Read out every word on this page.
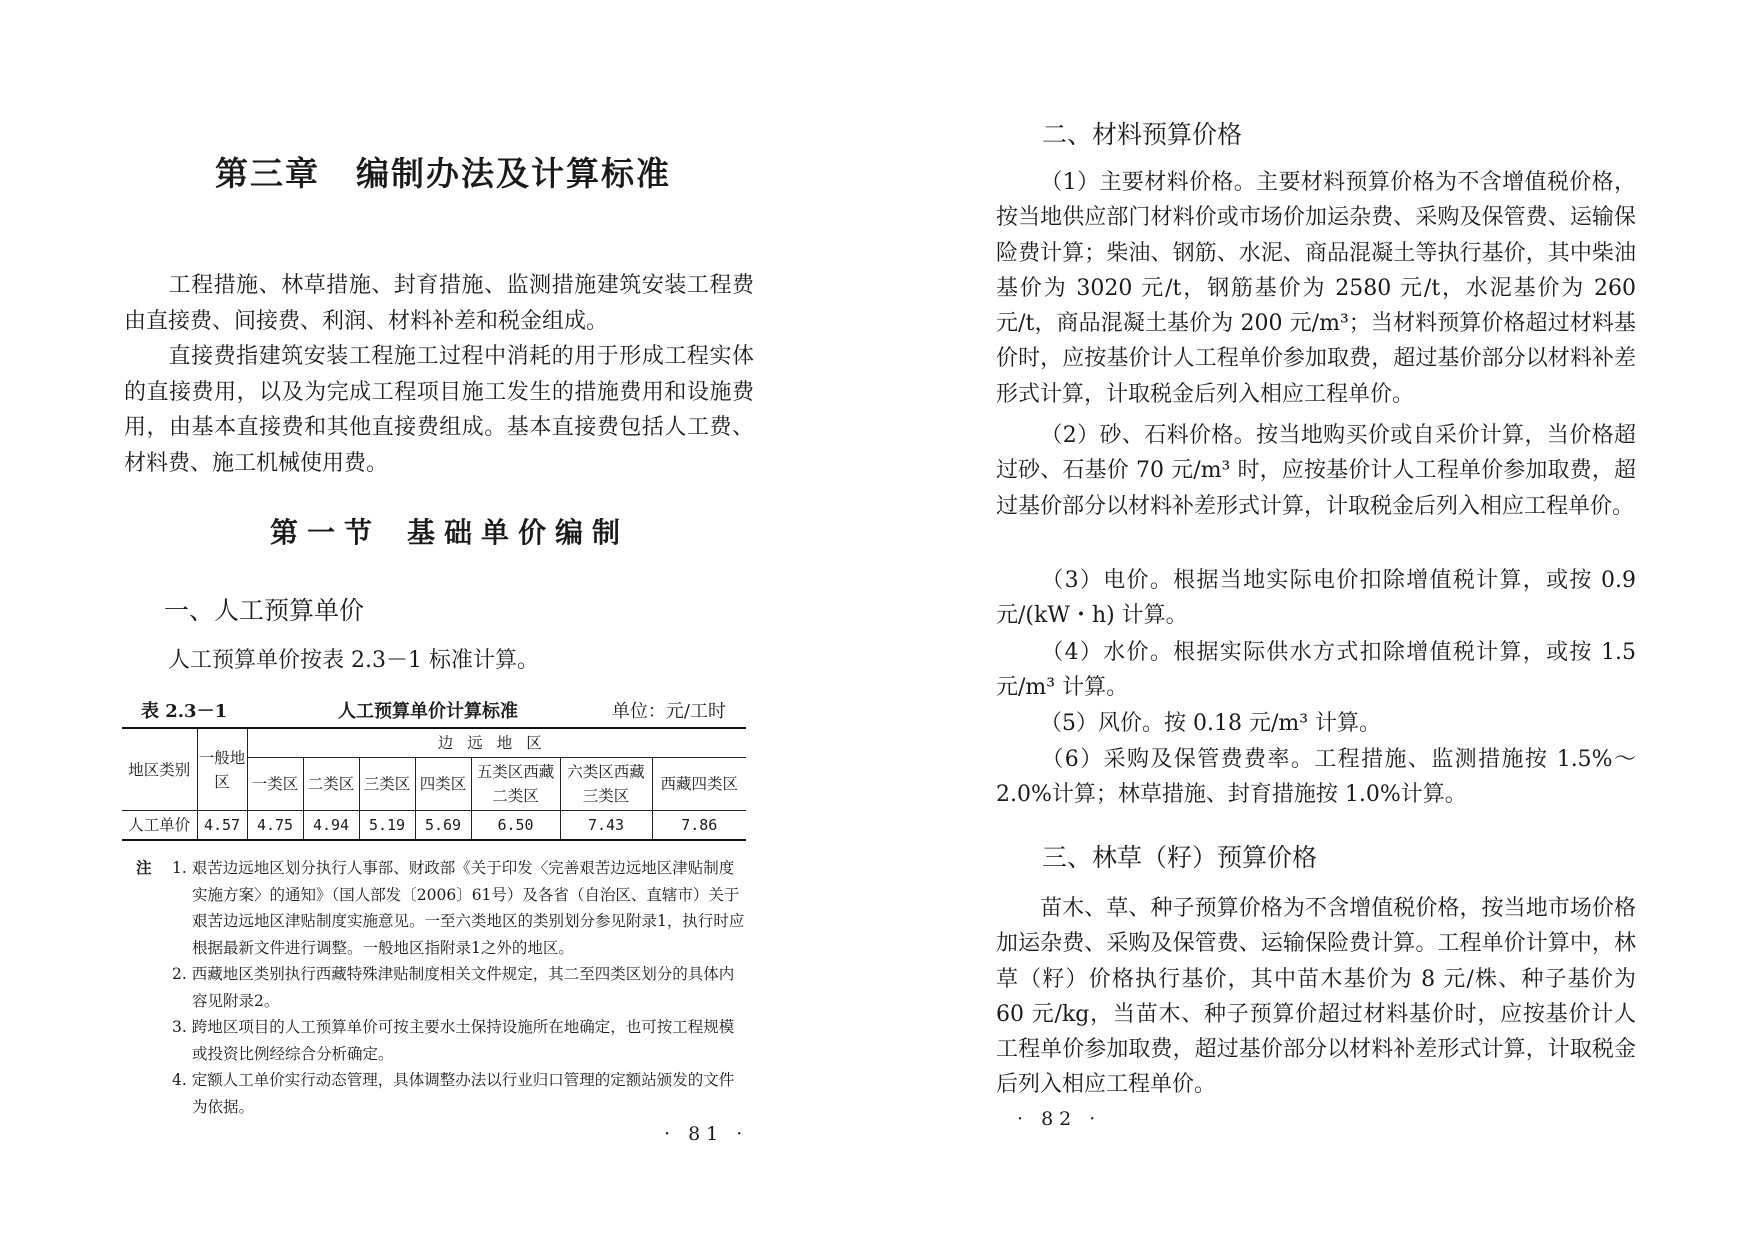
第三章 编制办法及计算标准

工程措施、林草措施、封育措施、监测措施建筑安装工程费由直接费、间接费、利润、材料补差和税金组成。

直接费指建筑安装工程施工过程中消耗的用于形成工程实体的直接费用，以及为完成工程项目施工发生的措施费用和设施费用，由基本直接费和其他直接费组成。基本直接费包括人工费、材料费、施工机械使用费。

第一节 基础单价编制
一、人工预算单价
人工预算单价按表 2.3－1 标准计算。
表 2.3－1	人工预算单价计算标准	单位：元/工时
地区类别	一般地区	边远地区						
		一类区	二类区	三类区	四类区	五类区西藏二类区	六类区西藏三类区	西藏四类区
人工单价	4.57	4.75	4.94	5.19	5.69	6.50	7.43	7.86
注	1. 艰苦边远地区划分执行人事部、财政部《关于印发〈完善艰苦边远地区津贴制度实施方案〉的通知》（国人部发〔2006〕61号）及各省（自治区、直辖市）关于艰苦边远地区津贴制度实施意见。一至六类地区的类别划分参见附录1，执行时应根据最新文件进行调整。一般地区指附录1之外的地区。

2. 西藏地区类别执行西藏特殊津贴制度相关文件规定，其二至四类区划分的具体内容见附录2。

3. 跨地区项目的人工预算单价可按主要水土保持设施所在地确定，也可按工程规模或投资比例经综合分析确定。

4. 定额人工单价实行动态管理，具体调整办法以行业归口管理的定额站颁发的文件为依据。

· 81 ·
二、材料预算价格

（1）主要材料价格。主要材料预算价格为不含增值税价格，按当地供应部门材料价或市场价加运杂费、采购及保管费、运输保险费计算；柴油、钢筋、水泥、商品混凝土等执行基价，其中柴油基价为 3020 元/t，钢筋基价为 2580 元/t，水泥基价为 260 元/t，商品混凝土基价为 200 元/m³；当材料预算价格超过材料基价时，应按基价计人工程单价参加取费，超过基价部分以材料补差形式计算，计取税金后列入相应工程单价。

（2）砂、石料价格。按当地购买价或自采价计算，当价格超过砂、石基价 70 元/m³ 时，应按基价计人工程单价参加取费，超过基价部分以材料补差形式计算，计取税金后列入相应工程单价。

（3）电价。根据当地实际电价扣除增值税计算，或按 0.9 元/(kW・h) 计算。

（4）水价。根据实际供水方式扣除增值税计算，或按 1.5 元/m³ 计算。

（5）风价。按 0.18 元/m³ 计算。

（6）采购及保管费费率。工程措施、监测措施按 1.5%～2.0%计算；林草措施、封育措施按 1.0%计算。

三、林草（籽）预算价格

苗木、草、种子预算价格为不含增值税价格，按当地市场价格加运杂费、采购及保管费、运输保险费计算。工程单价计算中，林草（籽）价格执行基价，其中苗木基价为 8 元/株、种子基价为 60 元/kg，当苗木、种子预算价超过材料基价时，应按基价计人工程单价参加取费，超过基价部分以材料补差形式计算，计取税金后列入相应工程单价。

· 82 ·
